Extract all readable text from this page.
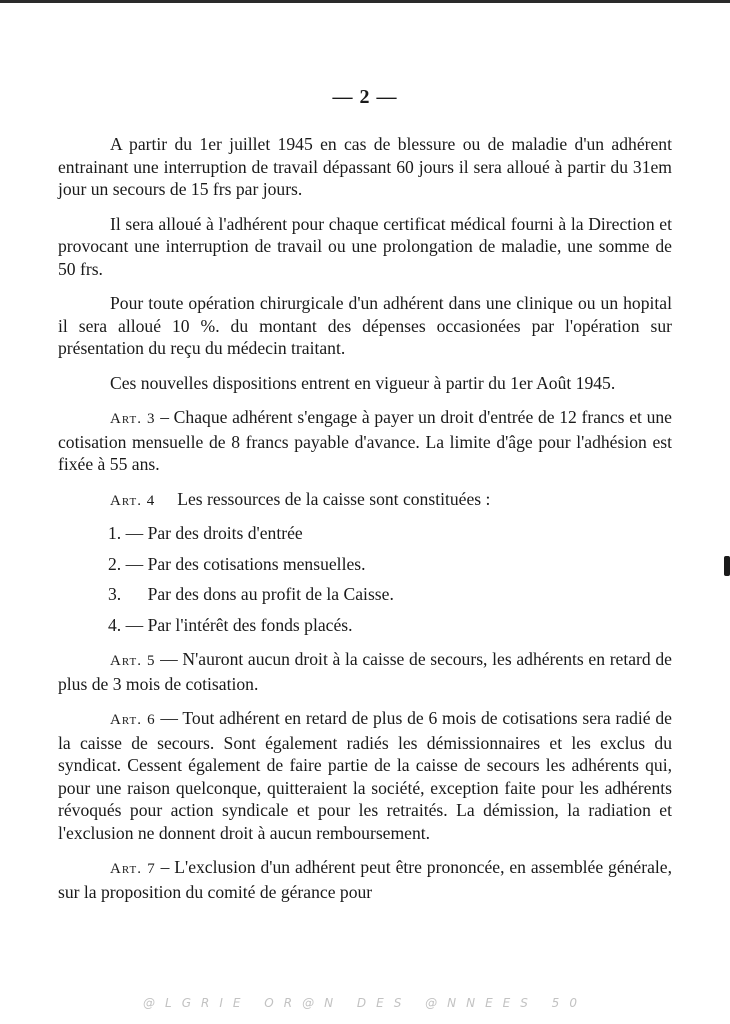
— 2 —

A partir du 1er juillet 1945 en cas de blessure ou de maladie d'un adhérent entrainant une interruption de travail dépassant 60 jours il sera alloué à partir du 31em jour un secours de 15 frs par jours.

Il sera alloué à l'adhérent pour chaque certificat médical fourni à la Direction et provocant une interruption de travail ou une prolongation de maladie, une somme de 50 frs.

Pour toute opération chirurgicale d'un adhérent dans une clinique ou un hopital il sera alloué 10 %. du montant des dépenses occasionées par l'opération sur présentation du reçu du médecin traitant.

Ces nouvelles dispositions entrent en vigueur à partir du 1er Août 1945.

Art. 3 – Chaque adhérent s'engage à payer un droit d'entrée de 12 francs et une cotisation mensuelle de 8 francs payable d'avance. La limite d'âge pour l'adhésion est fixée à 55 ans.

Art. 4 Les ressources de la caisse sont constituées :

1. — Par des droits d'entrée
2. — Par des cotisations mensuelles.
3.      Par des dons au profit de la Caisse.
4. — Par l'intérêt des fonds placés.

Art. 5 — N'auront aucun droit à la caisse de secours, les adhérents en retard de plus de 3 mois de cotisation.

Art. 6 — Tout adhérent en retard de plus de 6 mois de cotisations sera radié de la caisse de secours. Sont également radiés les démissionnaires et les exclus du syndicat. Cessent également de faire partie de la caisse de secours les adhérents qui, pour une raison quelconque, quitteraient la société, exception faite pour les adhérents révoqués pour action syndicale et pour les retraités. La démission, la radiation et l'exclusion ne donnent droit à aucun remboursement.

Art. 7 – L'exclusion d'un adhérent peut être prononcée, en assemblée générale, sur la proposition du comité de gérance pour

@LGRIE OR@N DES @NNEES 50
